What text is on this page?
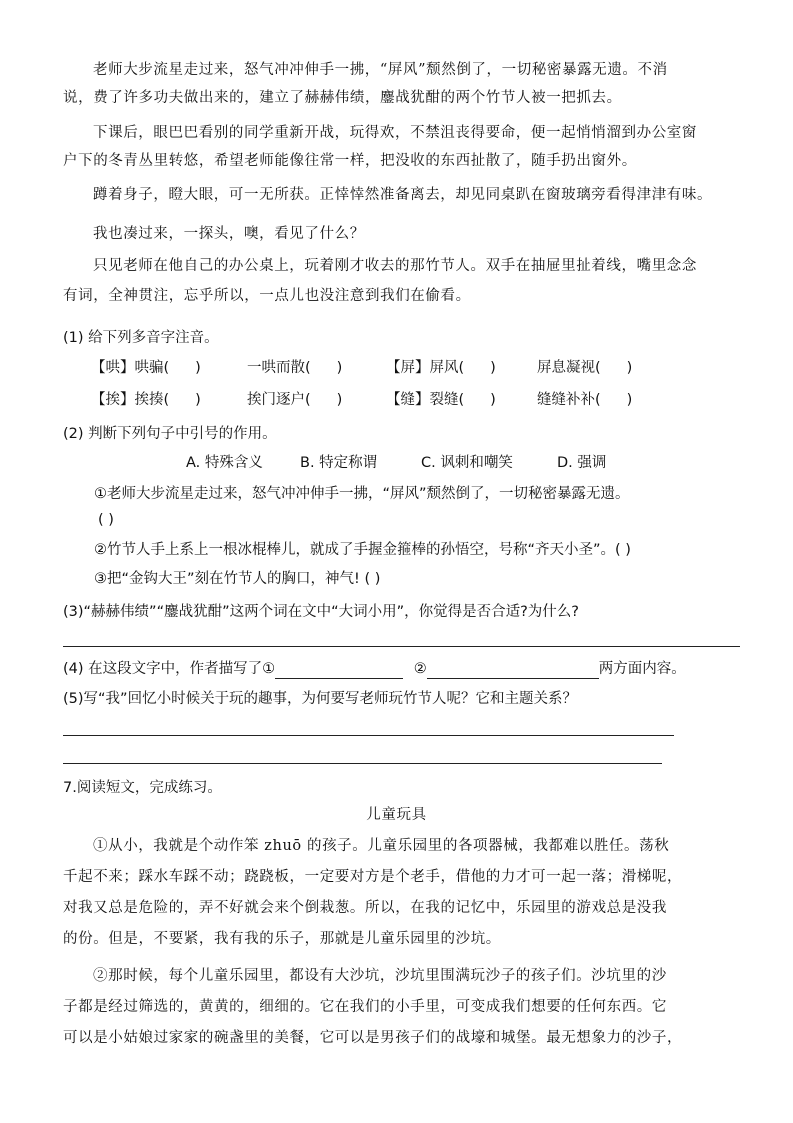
老师大步流星走过来，怒气冲冲伸手一拂，“屏风”颓然倒了，一切秘密暴露无遗。不消
说，费了许多功夫做出来的，建立了赫赫伟绩，鏖战犹酣的两个竹节人被一把抓去。
下课后，眼巴巴看别的同学重新开战，玩得欢，不禁沮丧得要命，便一起悄悄溜到办公室窗
户下的冬青丛里转悠，希望老师能像往常一样，把没收的东西扯散了，随手扔出窗外。
蹲着身子，瞪大眼，可一无所获。正悻悻然准备离去，却见同桌趴在窗玻璃旁看得津津有味。
我也凑过来，一探头，噢，看见了什么？
只见老师在他自己的办公桌上，玩着刚才收去的那竹节人。双手在抽屉里扯着线，嘴里念念
有词，全神贯注，忘乎所以，一点儿也没注意到我们在偷看。
(1) 给下列多音字注音。
【哄】哄骗( )	一哄而散( )	【屏】屏风( )	屏息凝视( )
【挨】挨揍( )	挨门逐户( )	【缝】裂缝( )	缝缝补补( )
(2) 判断下列句子中引号的作用。
A. 特殊含义	B. 特定称谓	C. 讽刺和嘲笑	D. 强调
①老师大步流星走过来，怒气冲冲伸手一拂，“屏风”颓然倒了，一切秘密暴露无遗。
( )
②竹节人手上系上一根冰棍棒儿，就成了手握金箍棒的孙悟空，号称“齐天小圣”。( )
③把“金钩大王”刻在竹节人的胸口，神气! ( )
(3)“赫赫伟绩”“鏖战犹酣”这两个词在文中“大词小用”，你觉得是否合适?为什么?
(4) 在这段文字中，作者描写了①	②	两方面内容。
(5)写“我”回忆小时候关于玩的趣事，为何要写老师玩竹节人呢？它和主题关系？
7.阅读短文，完成练习。
儿童玩具
①从小，我就是个动作笨 zhuō 的孩子。儿童乐园里的各项器械，我都难以胜任。荡秋
千起不来；踩水车踩不动；跷跷板，一定要对方是个老手，借他的力才可一起一落；滑梯呢，
对我又总是危险的，弄不好就会来个倒栽葱。所以，在我的记忆中，乐园里的游戏总是没我
的份。但是，不要紧，我有我的乐子，那就是儿童乐园里的沙坑。
②那时候，每个儿童乐园里，都设有大沙坑，沙坑里围满玩沙子的孩子们。沙坑里的沙
子都是经过筛选的，黄黄的，细细的。它在我们的小手里，可变成我们想要的任何东西。它
可以是小姑娘过家家的碗盏里的美餐，它可以是男孩子们的战壕和城堡。最无想象力的沙子，
